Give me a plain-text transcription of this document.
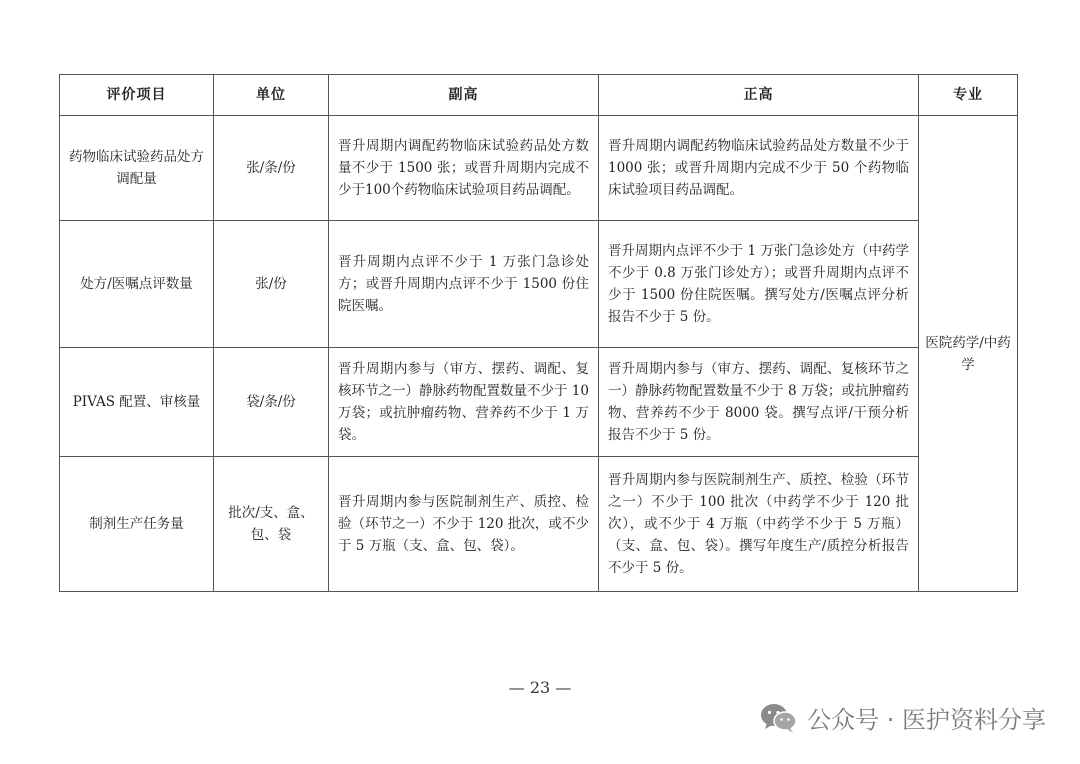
评价项目	单位	副高	正高	专业

药物临床试验药品处方调配量	张/条/份	晋升周期内调配药物临床试验药品处方数量不少于 1500 张；或晋升周期内完成不少于100个药物临床试验项目药品调配。	晋升周期内调配药物临床试验药品处方数量不少于 1000 张；或晋升周期内完成不少于 50 个药物临床试验项目药品调配。	医院药学/中药学

处方/医嘱点评数量	张/份	晋升周期内点评不少于 1 万张门急诊处方；或晋升周期内点评不少于 1500 份住院医嘱。	晋升周期内点评不少于 1 万张门急诊处方（中药学不少于 0.8 万张门诊处方）；或晋升周期内点评不少于 1500 份住院医嘱。撰写处方/医嘱点评分析报告不少于 5 份。	

PIVAS 配置、审核量	袋/条/份	晋升周期内参与（审方、摆药、调配、复核环节之一）静脉药物配置数量不少于 10 万袋；或抗肿瘤药物、营养药不少于 1 万袋。	晋升周期内参与（审方、摆药、调配、复核环节之一）静脉药物配置数量不少于 8 万袋；或抗肿瘤药物、营养药不少于 8000 袋。撰写点评/干预分析报告不少于 5 份。	

制剂生产任务量	批次/支、盒、包、袋	晋升周期内参与医院制剂生产、质控、检验（环节之一）不少于 120 批次，或不少于 5 万瓶（支、盒、包、袋）。	晋升周期内参与医院制剂生产、质控、检验（环节之一）不少于 100 批次（中药学不少于 120 批次），或不少于 4 万瓶（中药学不少于 5 万瓶）（支、盒、包、袋）。撰写年度生产/质控分析报告不少于 5 份。	
— 23 —
公众号 · 医护资料分享
